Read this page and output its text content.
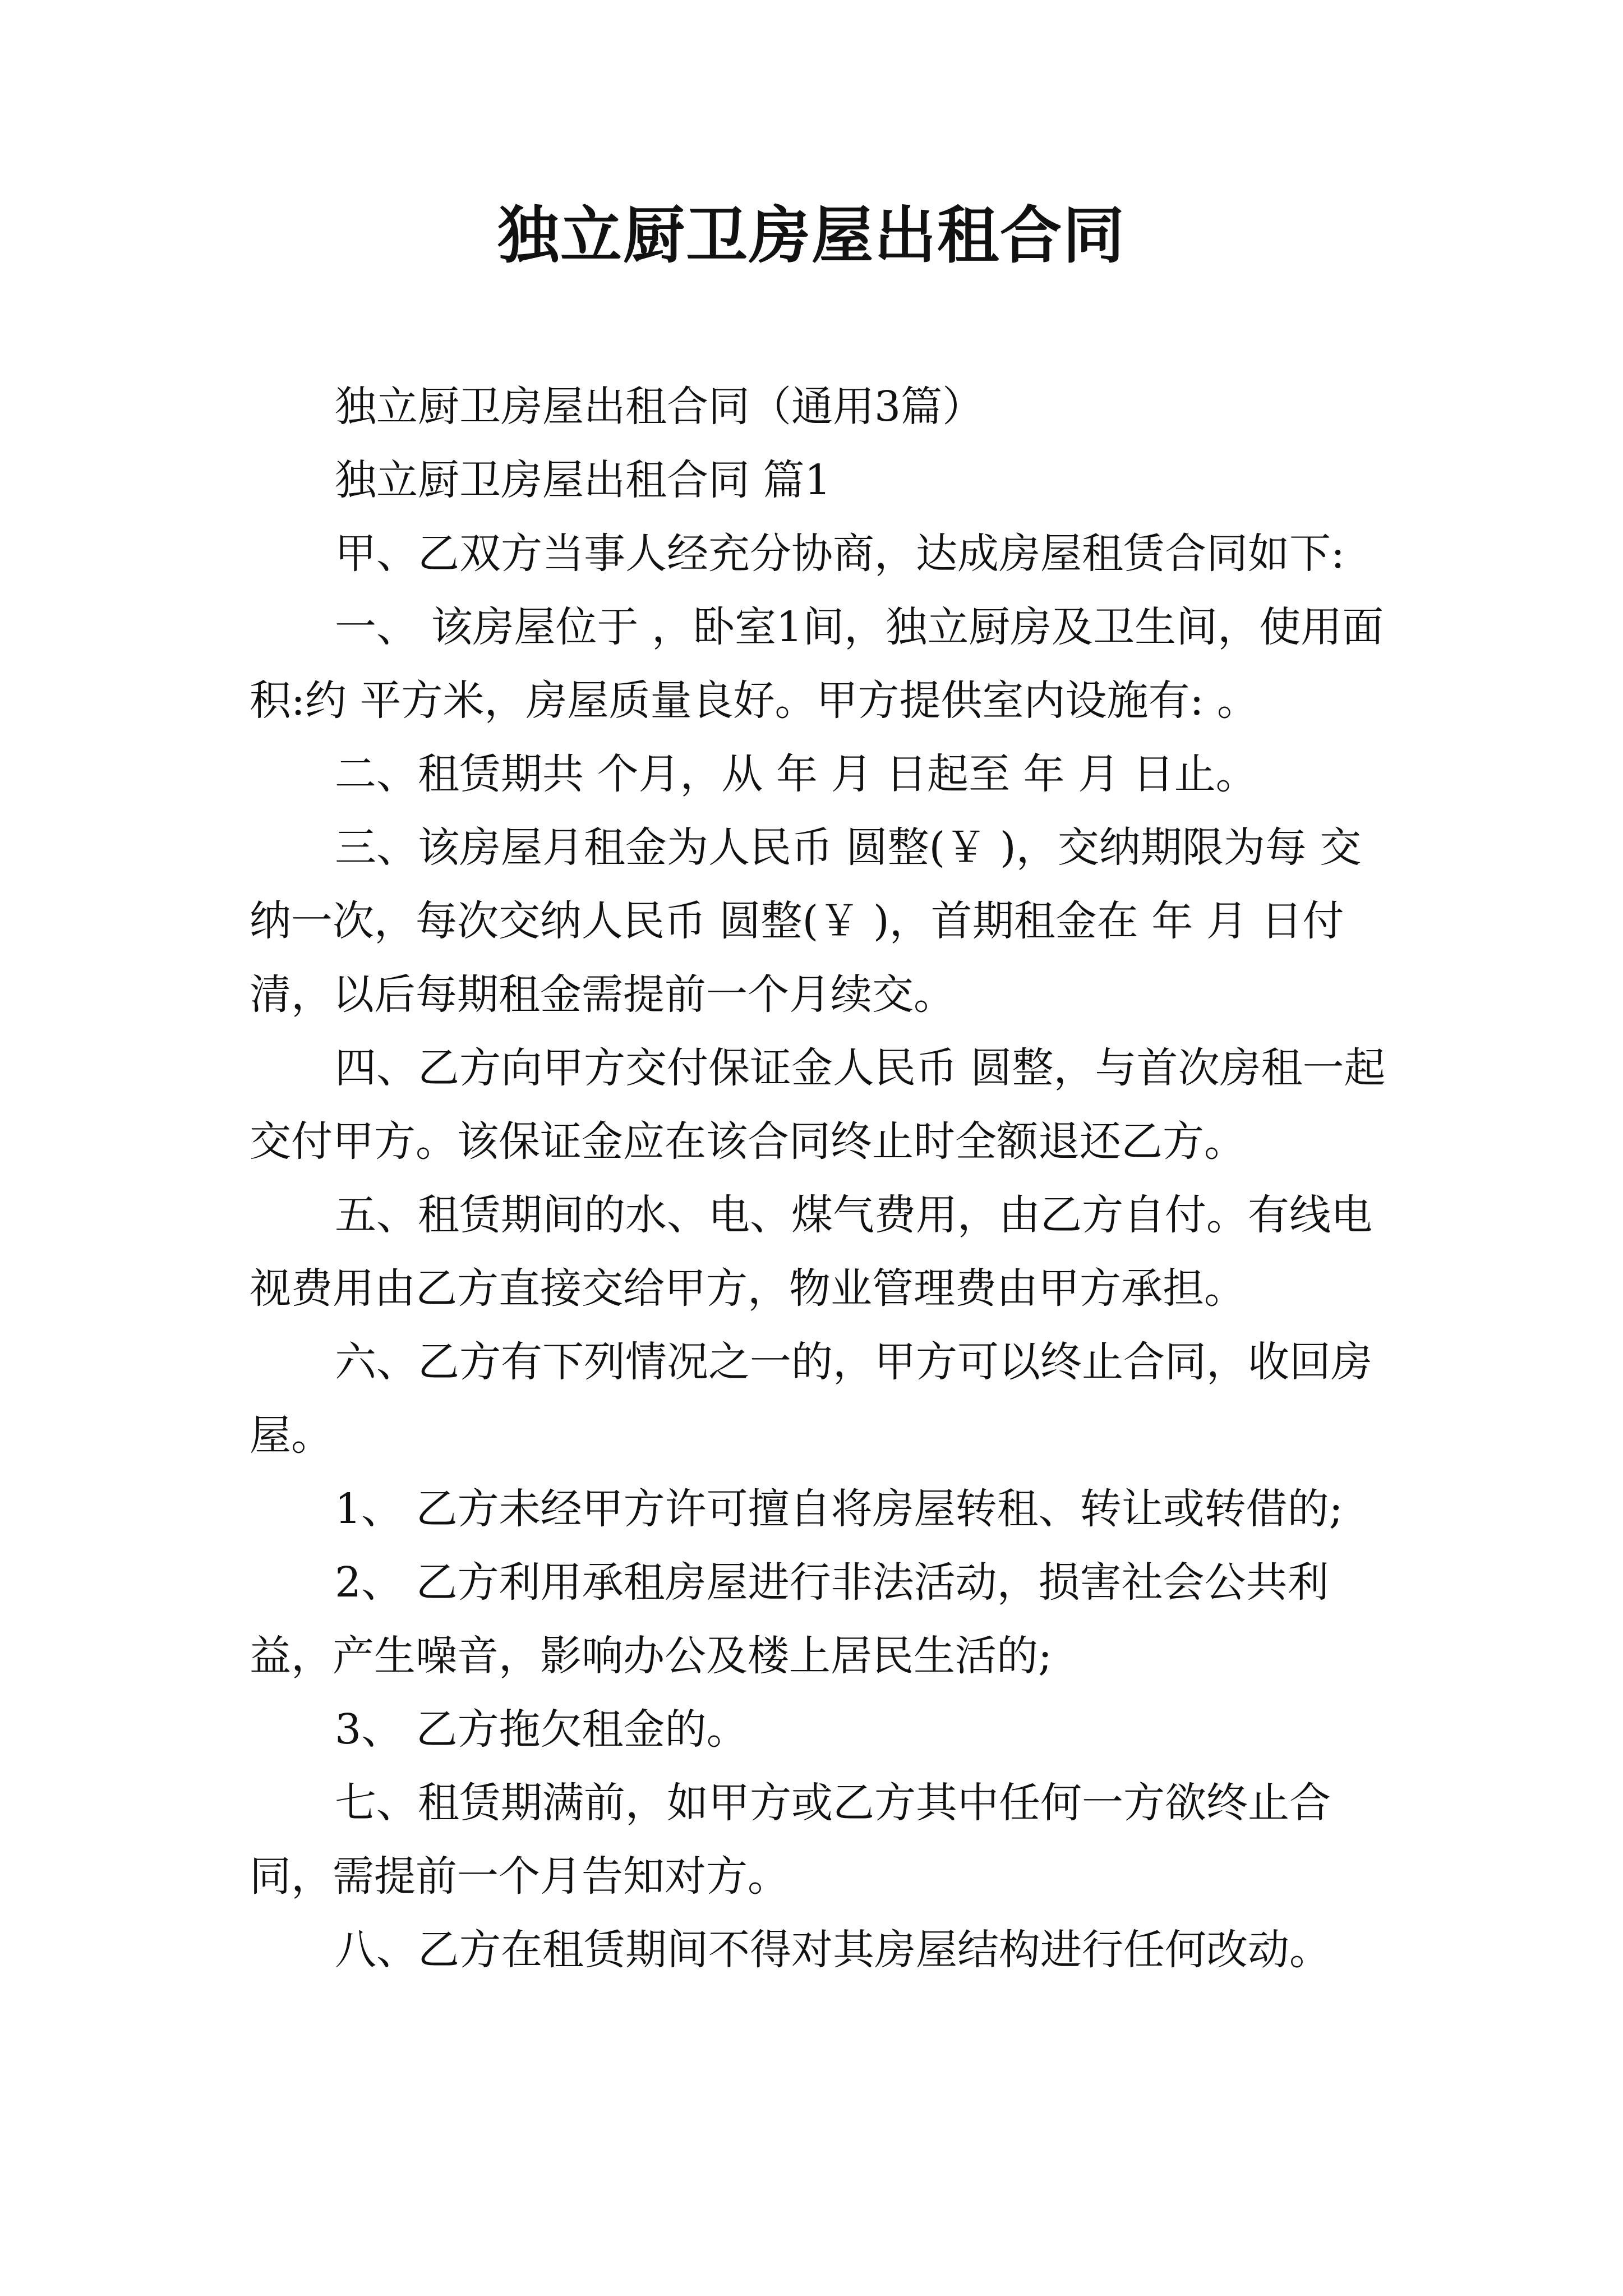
独立厨卫房屋出租合同

独立厨卫房屋出租合同（通用3篇）

独立厨卫房屋出租合同 篇1

甲、乙双方当事人经充分协商，达成房屋租赁合同如下:

一、 该房屋位于 ，卧室1间，独立厨房及卫生间，使用面积:约 平方米，房屋质量良好。甲方提供室内设施有: 。

二、租赁期共 个月，从 年 月 日起至 年 月 日止。

三、该房屋月租金为人民币 圆整(￥ )，交纳期限为每 交纳一次，每次交纳人民币 圆整(￥ )，首期租金在 年 月 日付清，以后每期租金需提前一个月续交。

四、乙方向甲方交付保证金人民币 圆整，与首次房租一起交付甲方。该保证金应在该合同终止时全额退还乙方。

五、租赁期间的水、电、煤气费用，由乙方自付。有线电视费用由乙方直接交给甲方，物业管理费由甲方承担。

六、乙方有下列情况之一的，甲方可以终止合同，收回房屋。

1、 乙方未经甲方许可擅自将房屋转租、转让或转借的;

2、 乙方利用承租房屋进行非法活动，损害社会公共利益，产生噪音，影响办公及楼上居民生活的;

3、 乙方拖欠租金的。

七、租赁期满前，如甲方或乙方其中任何一方欲终止合同，需提前一个月告知对方。

八、乙方在租赁期间不得对其房屋结构进行任何改动。
